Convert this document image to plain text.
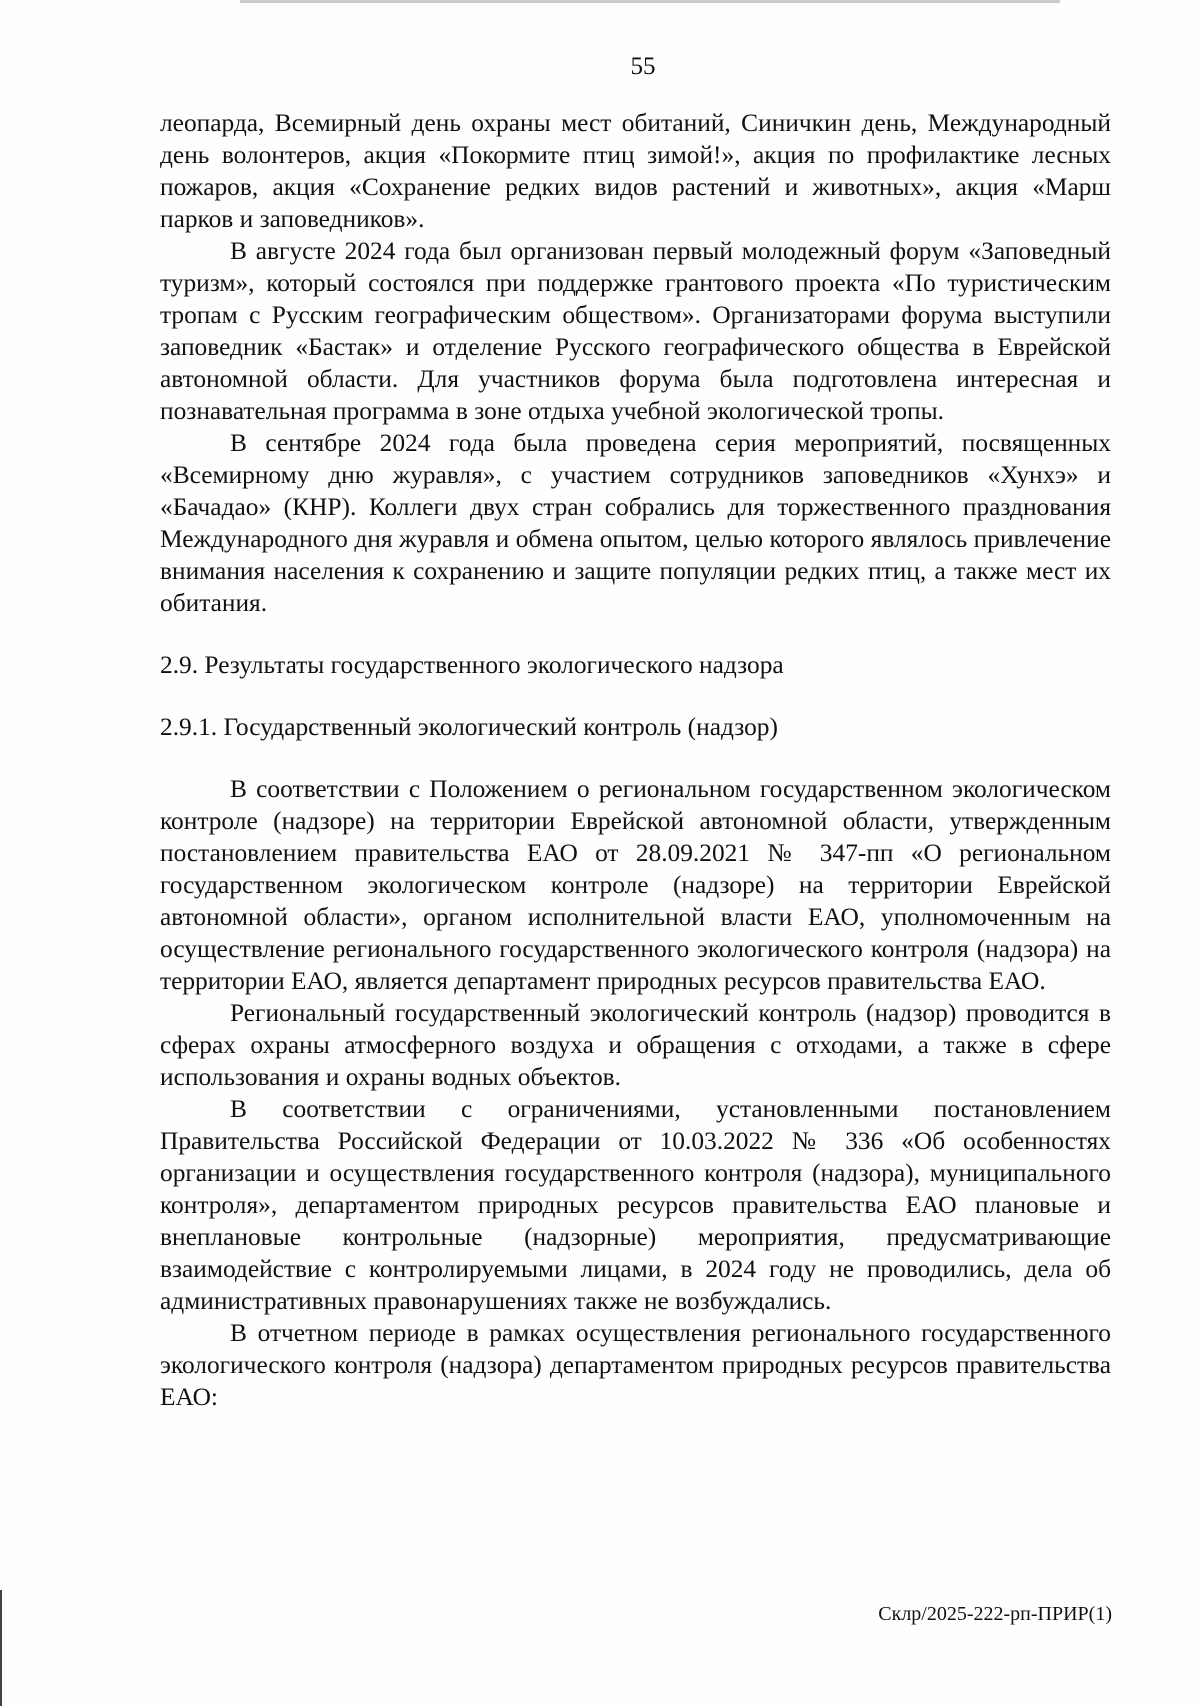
55

леопарда, Всемирный день охраны мест обитаний, Синичкин день, Международный день волонтеров, акция «Покормите птиц зимой!», акция по профилактике лесных пожаров, акция «Сохранение редких видов растений и животных», акция «Марш парков и заповедников».

В августе 2024 года был организован первый молодежный форум «Заповедный туризм», который состоялся при поддержке грантового проекта «По туристическим тропам с Русским географическим обществом». Организаторами форума выступили заповедник «Бастак» и отделение Русского географического общества в Еврейской автономной области. Для участников форума была подготовлена интересная и познавательная программа в зоне отдыха учебной экологической тропы.

В сентябре 2024 года была проведена серия мероприятий, посвященных «Всемирному дню журавля», с участием сотрудников заповедников «Хунхэ» и «Бачадао» (КНР). Коллеги двух стран собрались для торжественного празднования Международного дня журавля и обмена опытом, целью которого являлось привлечение внимания населения к сохранению и защите популяции редких птиц, а также мест их обитания.

2.9. Результаты государственного экологического надзора

2.9.1. Государственный экологический контроль (надзор)

В соответствии с Положением о региональном государственном экологическом контроле (надзоре) на территории Еврейской автономной области, утвержденным постановлением правительства ЕАО от 28.09.2021 № 347-пп «О региональном государственном экологическом контроле (надзоре) на территории Еврейской автономной области», органом исполнительной власти ЕАО, уполномоченным на осуществление регионального государственного экологического контроля (надзора) на территории ЕАО, является департамент природных ресурсов правительства ЕАО.

Региональный государственный экологический контроль (надзор) проводится в сферах охраны атмосферного воздуха и обращения с отходами, а также в сфере использования и охраны водных объектов.

В соответствии с ограничениями, установленными постановлением Правительства Российской Федерации от 10.03.2022 № 336 «Об особенностях организации и осуществления государственного контроля (надзора), муниципального контроля», департаментом природных ресурсов правительства ЕАО плановые и внеплановые контрольные (надзорные) мероприятия, предусматривающие взаимодействие с контролируемыми лицами, в 2024 году не проводились, дела об административных правонарушениях также не возбуждались.

В отчетном периоде в рамках осуществления регионального государственного экологического контроля (надзора) департаментом природных ресурсов правительства ЕАО:

Склр/2025-222-рп-ПРИР(1)
